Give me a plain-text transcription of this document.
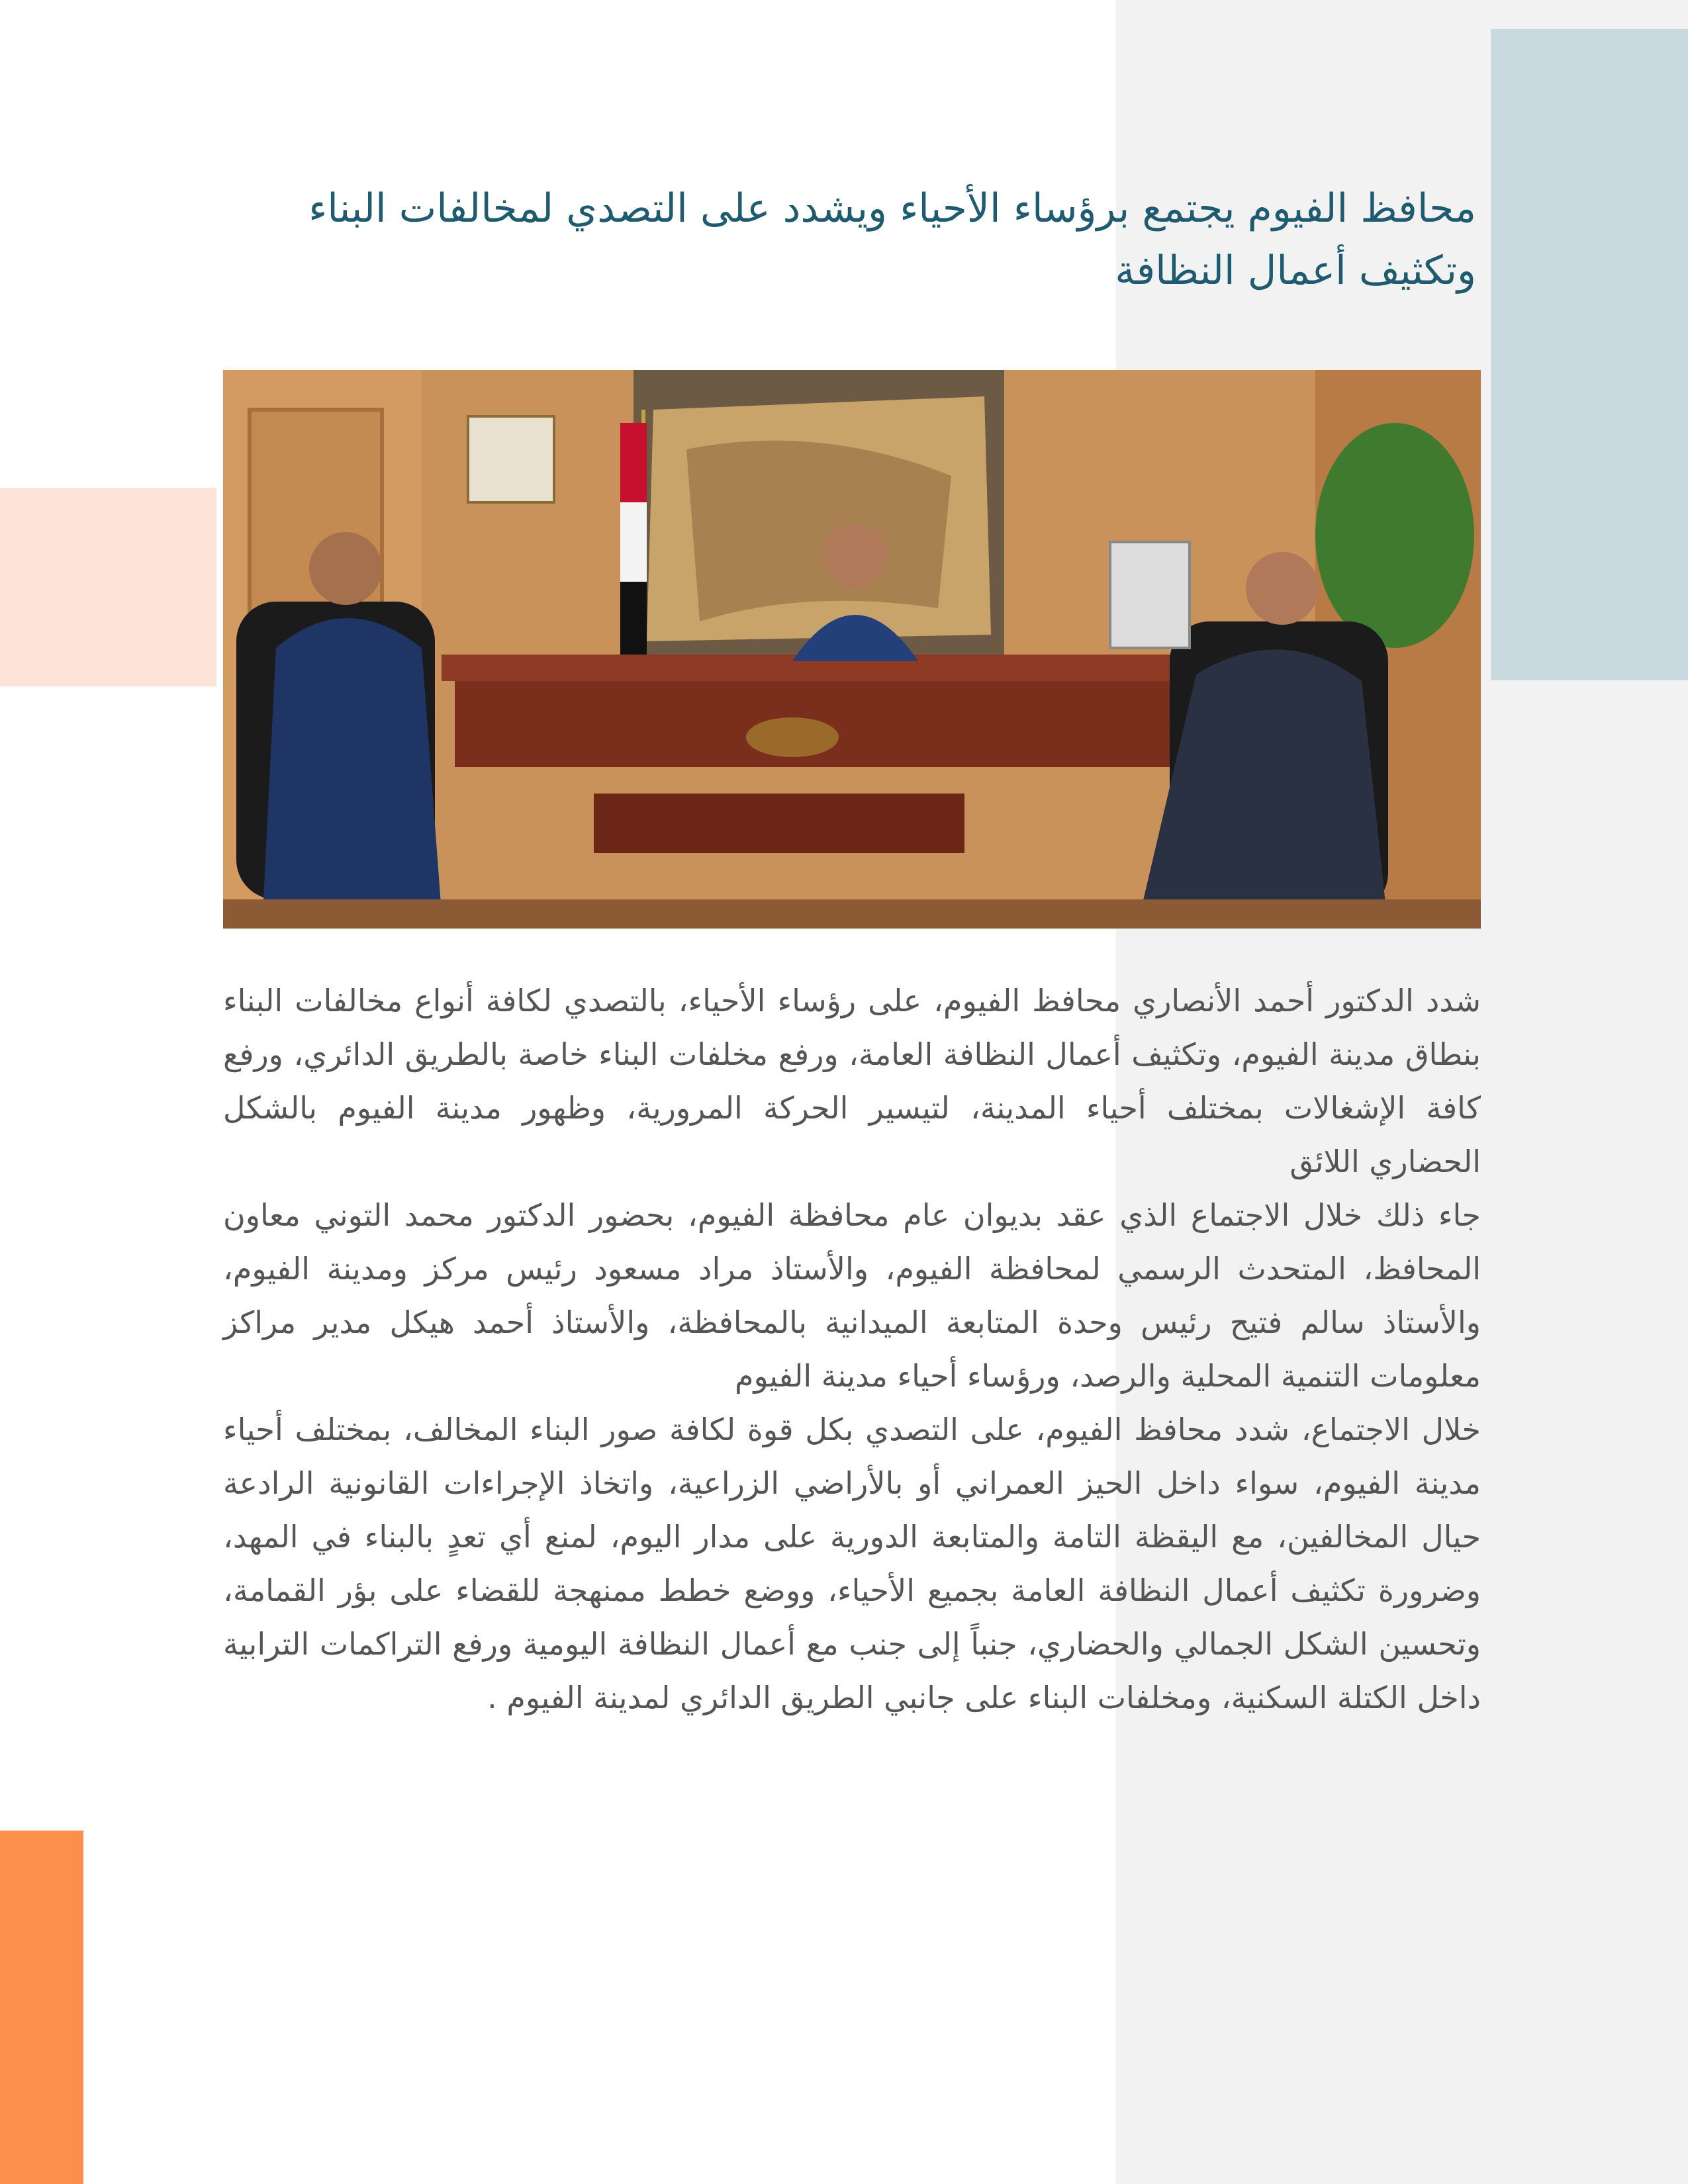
محافظ الفيوم يجتمع برؤساء الأحياء ويشدد على التصدي لمخالفات البناء وتكثيف أعمال النظافة

شدد الدكتور أحمد الأنصاري محافظ الفيوم، على رؤساء الأحياء، بالتصدي لكافة أنواع مخالفات البناء بنطاق مدينة الفيوم، وتكثيف أعمال النظافة العامة، ورفع مخلفات البناء خاصة بالطريق الدائري، ورفع كافة الإشغالات بمختلف أحياء المدينة، لتيسير الحركة المرورية، وظهور مدينة الفيوم بالشكل الحضاري اللائق

جاء ذلك خلال الاجتماع الذي عقد بديوان عام محافظة الفيوم، بحضور الدكتور محمد التوني معاون المحافظ، المتحدث الرسمي لمحافظة الفيوم، والأستاذ مراد مسعود رئيس مركز ومدينة الفيوم، والأستاذ سالم فتيح رئيس وحدة المتابعة الميدانية بالمحافظة، والأستاذ أحمد هيكل مدير مراكز معلومات التنمية المحلية والرصد، ورؤساء أحياء مدينة الفيوم

خلال الاجتماع، شدد محافظ الفيوم، على التصدي بكل قوة لكافة صور البناء المخالف، بمختلف أحياء مدينة الفيوم، سواء داخل الحيز العمراني أو بالأراضي الزراعية، واتخاذ الإجراءات القانونية الرادعة حيال المخالفين، مع اليقظة التامة والمتابعة الدورية على مدار اليوم، لمنع أي تعدٍ بالبناء في المهد، وضرورة تكثيف أعمال النظافة العامة بجميع الأحياء، ووضع خطط ممنهجة للقضاء على بؤر القمامة، وتحسين الشكل الجمالي والحضاري، جنباً إلى جنب مع أعمال النظافة اليومية ورفع التراكمات الترابية داخل الكتلة السكنية، ومخلفات البناء على جانبي الطريق الدائري لمدينة الفيوم .
